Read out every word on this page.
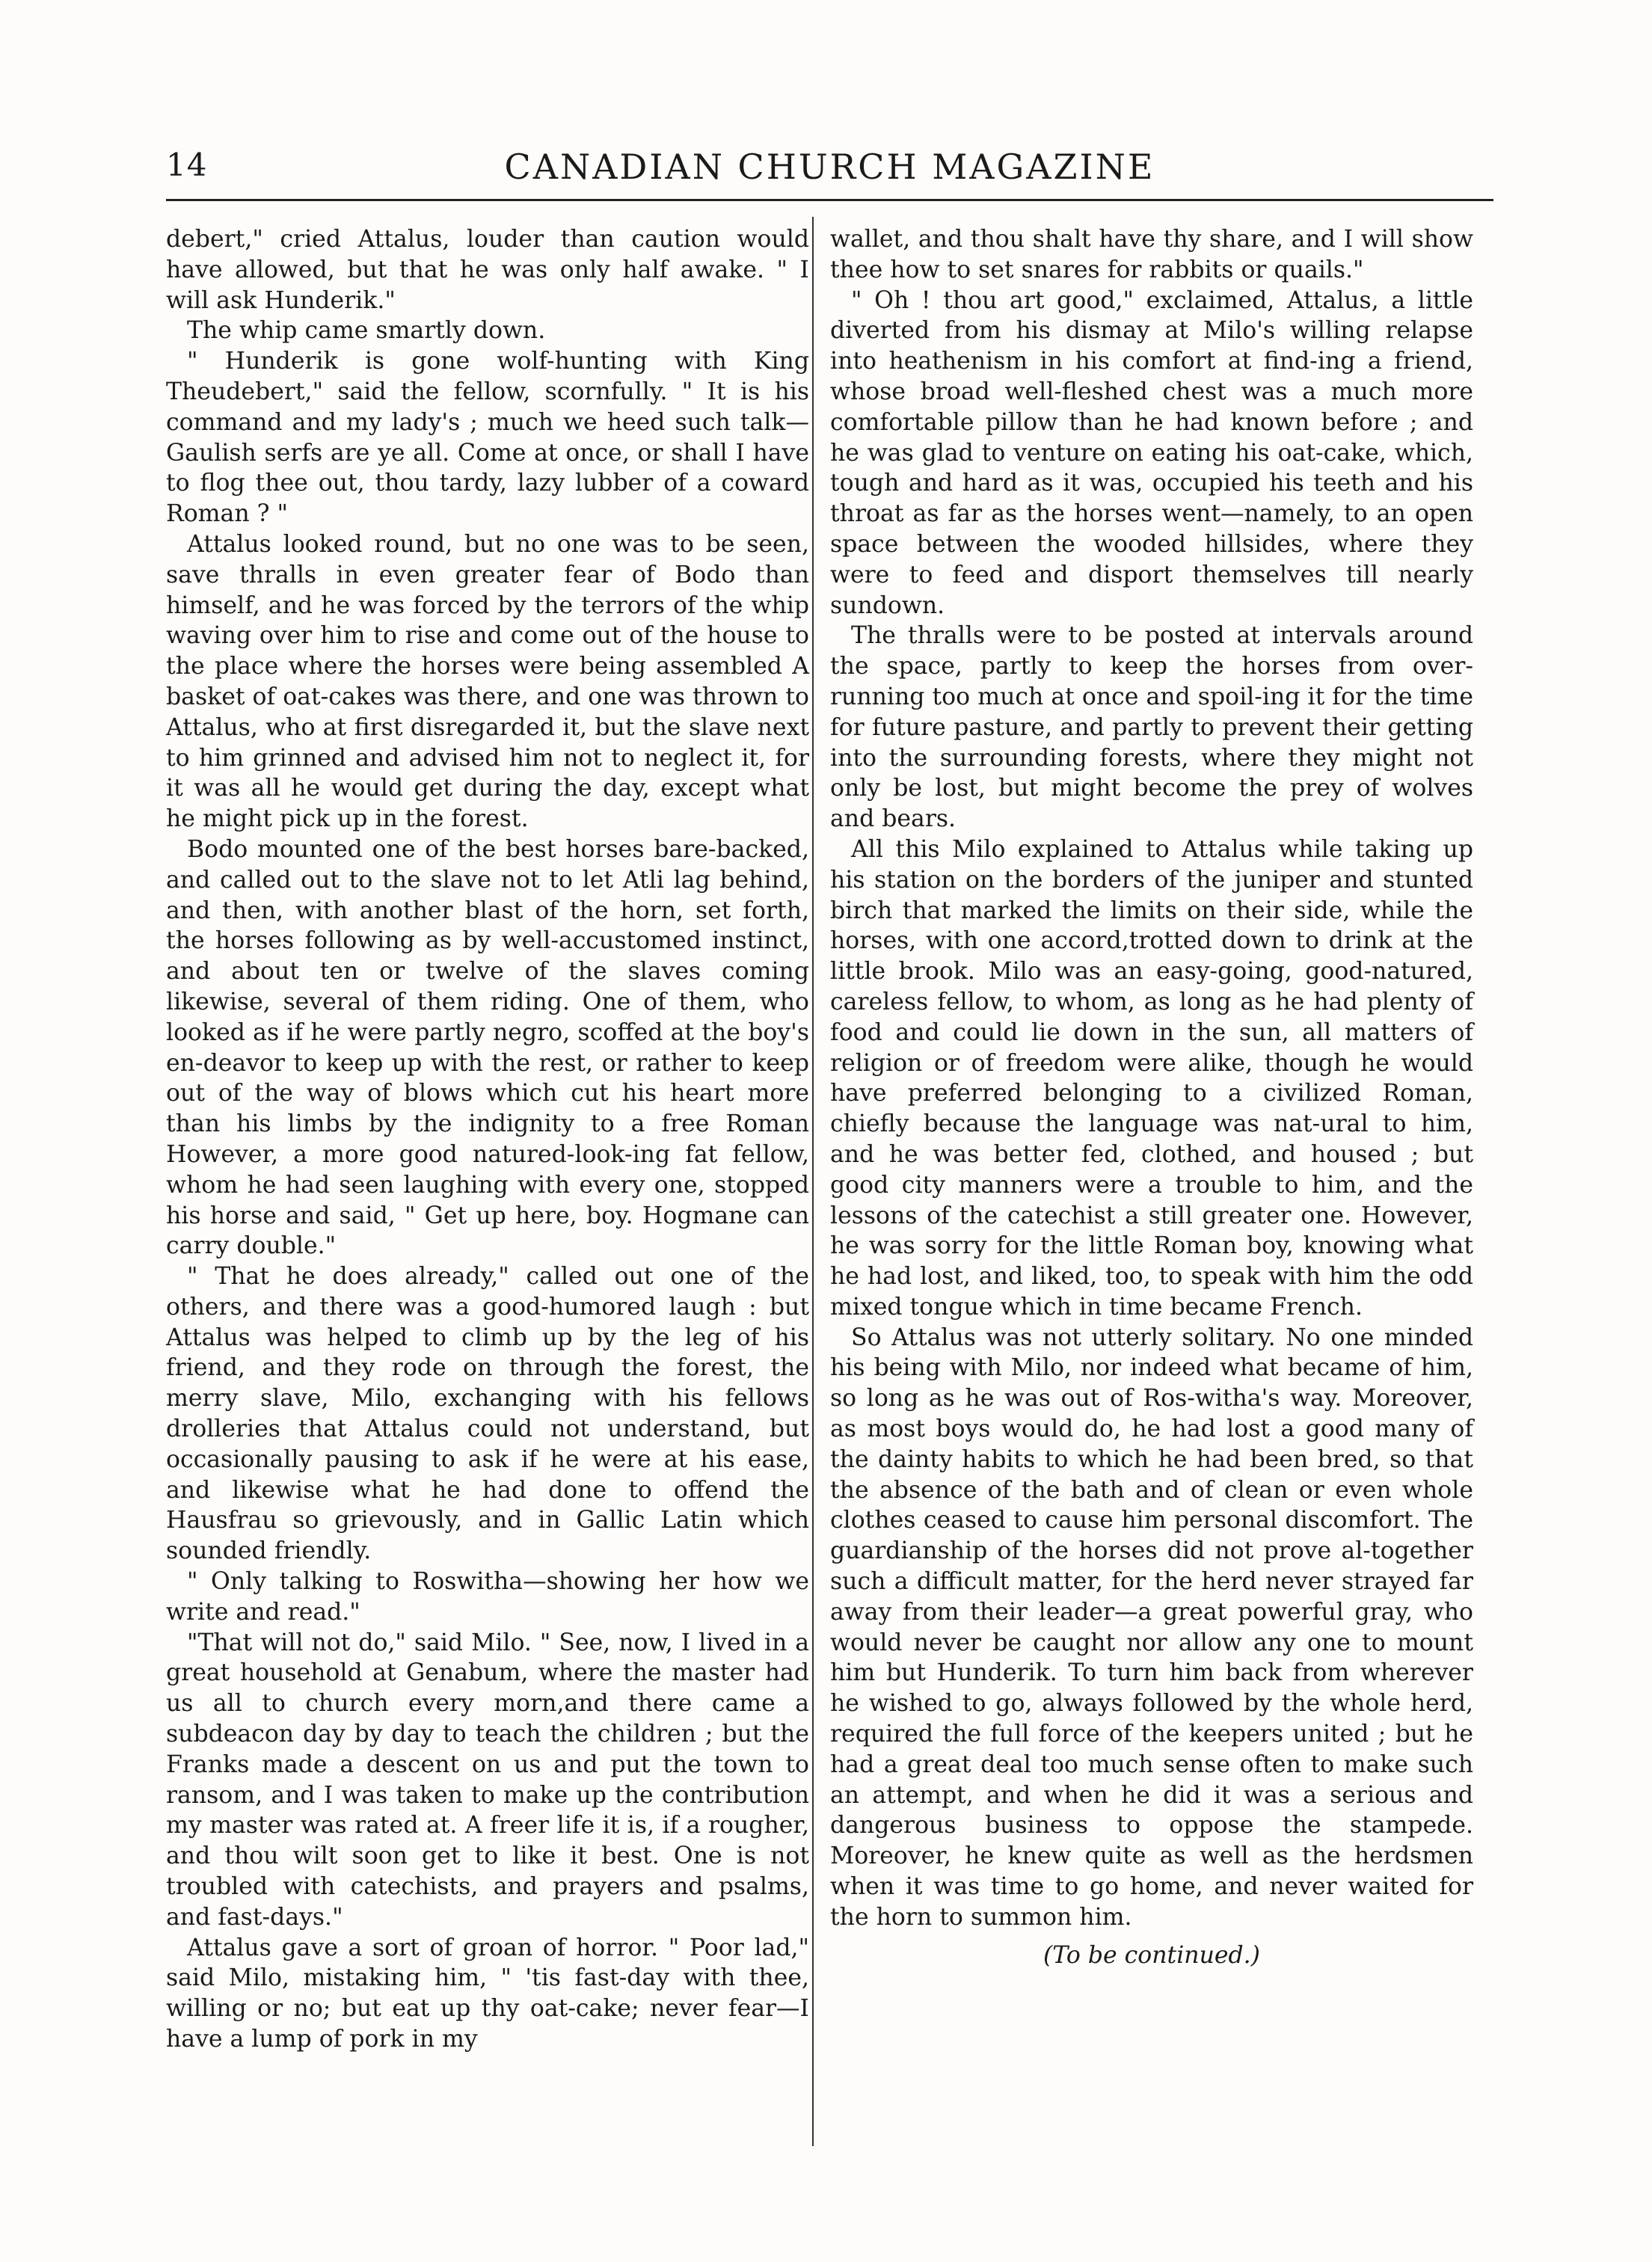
14	CANADIAN CHURCH MAGAZINE

debert," cried Attalus, louder than caution would have allowed, but that he was only half awake. " I will ask Hunderik."

The whip came smartly down.

" Hunderik is gone wolf-hunting with King Theudebert," said the fellow, scornfully. " It is his command and my lady's ; much we heed such talk—Gaulish serfs are ye all. Come at once, or shall I have to flog thee out, thou tardy, lazy lubber of a coward Roman ? "

Attalus looked round, but no one was to be seen, save thralls in even greater fear of Bodo than himself, and he was forced by the terrors of the whip waving over him to rise and come out of the house to the place where the horses were being assembled A basket of oat-cakes was there, and one was thrown to Attalus, who at first disregarded it, but the slave next to him grinned and advised him not to neglect it, for it was all he would get during the day, except what he might pick up in the forest.

Bodo mounted one of the best horses bare-backed, and called out to the slave not to let Atli lag behind, and then, with another blast of the horn, set forth, the horses following as by well-accustomed instinct, and about ten or twelve of the slaves coming likewise, several of them riding. One of them, who looked as if he were partly negro, scoffed at the boy's en-deavor to keep up with the rest, or rather to keep out of the way of blows which cut his heart more than his limbs by the indignity to a free Roman However, a more good natured-look-ing fat fellow, whom he had seen laughing with every one, stopped his horse and said, " Get up here, boy. Hogmane can carry double."

" That he does already," called out one of the others, and there was a good-humored laugh : but Attalus was helped to climb up by the leg of his friend, and they rode on through the forest, the merry slave, Milo, exchanging with his fellows drolleries that Attalus could not understand, but occasionally pausing to ask if he were at his ease, and likewise what he had done to offend the Hausfrau so grievously, and in Gallic Latin which sounded friendly.

" Only talking to Roswitha—showing her how we write and read."

"That will not do," said Milo. " See, now, I lived in a great household at Genabum, where the master had us all to church every morn,and there came a subdeacon day by day to teach the children ; but the Franks made a descent on us and put the town to ransom, and I was taken to make up the contribution my master was rated at. A freer life it is, if a rougher, and thou wilt soon get to like it best. One is not troubled with catechists, and prayers and psalms, and fast-days."

Attalus gave a sort of groan of horror. " Poor lad," said Milo, mistaking him, " 'tis fast-day with thee, willing or no; but eat up thy oat-cake; never fear—I have a lump of pork in my

wallet, and thou shalt have thy share, and I will show thee how to set snares for rabbits or quails."

" Oh ! thou art good," exclaimed, Attalus, a little diverted from his dismay at Milo's willing relapse into heathenism in his comfort at find-ing a friend, whose broad well-fleshed chest was a much more comfortable pillow than he had known before ; and he was glad to venture on eating his oat-cake, which, tough and hard as it was, occupied his teeth and his throat as far as the horses went—namely, to an open space between the wooded hillsides, where they were to feed and disport themselves till nearly sundown.

The thralls were to be posted at intervals around the space, partly to keep the horses from over-running too much at once and spoil-ing it for the time for future pasture, and partly to prevent their getting into the surrounding forests, where they might not only be lost, but might become the prey of wolves and bears.

All this Milo explained to Attalus while taking up his station on the borders of the juniper and stunted birch that marked the limits on their side, while the horses, with one accord,trotted down to drink at the little brook. Milo was an easy-going, good-natured, careless fellow, to whom, as long as he had plenty of food and could lie down in the sun, all matters of religion or of freedom were alike, though he would have preferred belonging to a civilized Roman, chiefly because the language was nat-ural to him, and he was better fed, clothed, and housed ; but good city manners were a trouble to him, and the lessons of the catechist a still greater one. However, he was sorry for the little Roman boy, knowing what he had lost, and liked, too, to speak with him the odd mixed tongue which in time became French.

So Attalus was not utterly solitary. No one minded his being with Milo, nor indeed what became of him, so long as he was out of Ros-witha's way. Moreover, as most boys would do, he had lost a good many of the dainty habits to which he had been bred, so that the absence of the bath and of clean or even whole clothes ceased to cause him personal discomfort. The guardianship of the horses did not prove al-together such a difficult matter, for the herd never strayed far away from their leader—a great powerful gray, who would never be caught nor allow any one to mount him but Hunderik. To turn him back from wherever he wished to go, always followed by the whole herd, required the full force of the keepers united ; but he had a great deal too much sense often to make such an attempt, and when he did it was a serious and dangerous business to oppose the stampede. Moreover, he knew quite as well as the herdsmen when it was time to go home, and never waited for the horn to summon him.

(To be continued.)
